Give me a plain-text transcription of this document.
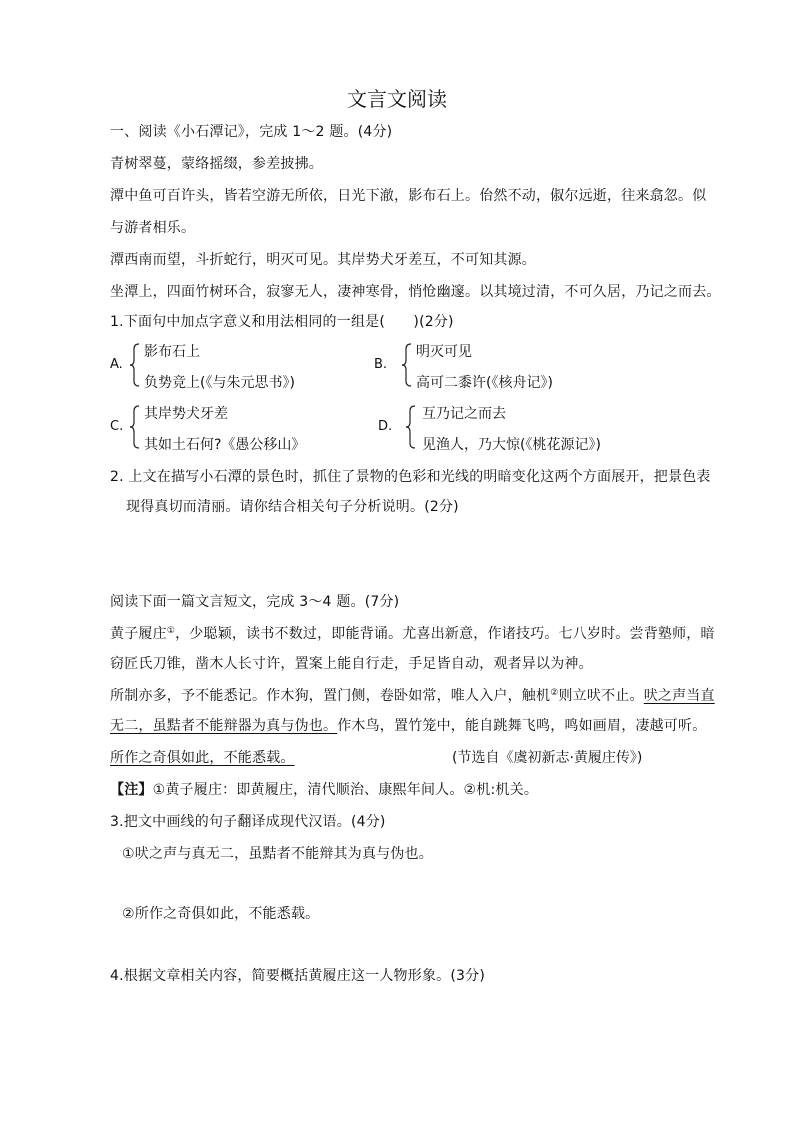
文言文阅读
一、阅读《小石潭记》，完成 1～2 题。(4分)
青树翠蔓，蒙络摇缀，参差披拂。
潭中鱼可百许头，皆若空游无所依，日光下澈，影布石上。佁然不动，俶尔远逝，往来翕忽。似
与游者相乐。
潭西南而望，斗折蛇行，明灭可见。其岸势犬牙差互，不可知其源。
坐潭上，四面竹树环合，寂寥无人，凄神寒骨，悄怆幽邃。以其境过清，不可久居，乃记之而去。
1.下面句中加点字意义和用法相同的一组是(　　)(2分)
A.
影布石上
负势竞上(《与朱元思书》)
B.
明灭可见
高可二黍许(《核舟记》)
C.
其岸势犬牙差
其如土石何?《愚公移山》
D.
互乃记之而去
见渔人，乃大惊(《桃花源记》)
2. 上文在描写小石潭的景色时，抓住了景物的色彩和光线的明暗变化这两个方面展开，把景色表
现得真切而清丽。请你结合相关句子分析说明。(2分)
阅读下面一篇文言短文，完成 3～4 题。(7分)
黄子履庄①，少聪颖，读书不数过，即能背诵。尤喜出新意，作诸技巧。七八岁时。尝背塾师，暗
窃匠氏刀锥，凿木人长寸许，置案上能自行走，手足皆自动，观者异以为神。
所制亦多，予不能悉记。作木狗，置门侧，卷卧如常，唯人入户，触机②则立吠不止。吠之声当直
无二，虽黠者不能辩器为真与伪也。作木鸟，置竹笼中，能自跳舞飞鸣，鸣如画眉，凄越可听。
所作之奇俱如此，不能悉载。	(节选自《虞初新志·黄履庄传》)
【注】①黄子履庄：即黄履庄，清代顺治、康熙年间人。②机:机关。
3.把文中画线的句子翻译成现代汉语。(4分)
①吠之声与真无二，虽黠者不能辩其为真与伪也。
②所作之奇俱如此，不能悉载。
4.根据文章相关内容，简要概括黄履庄这一人物形象。(3分)
